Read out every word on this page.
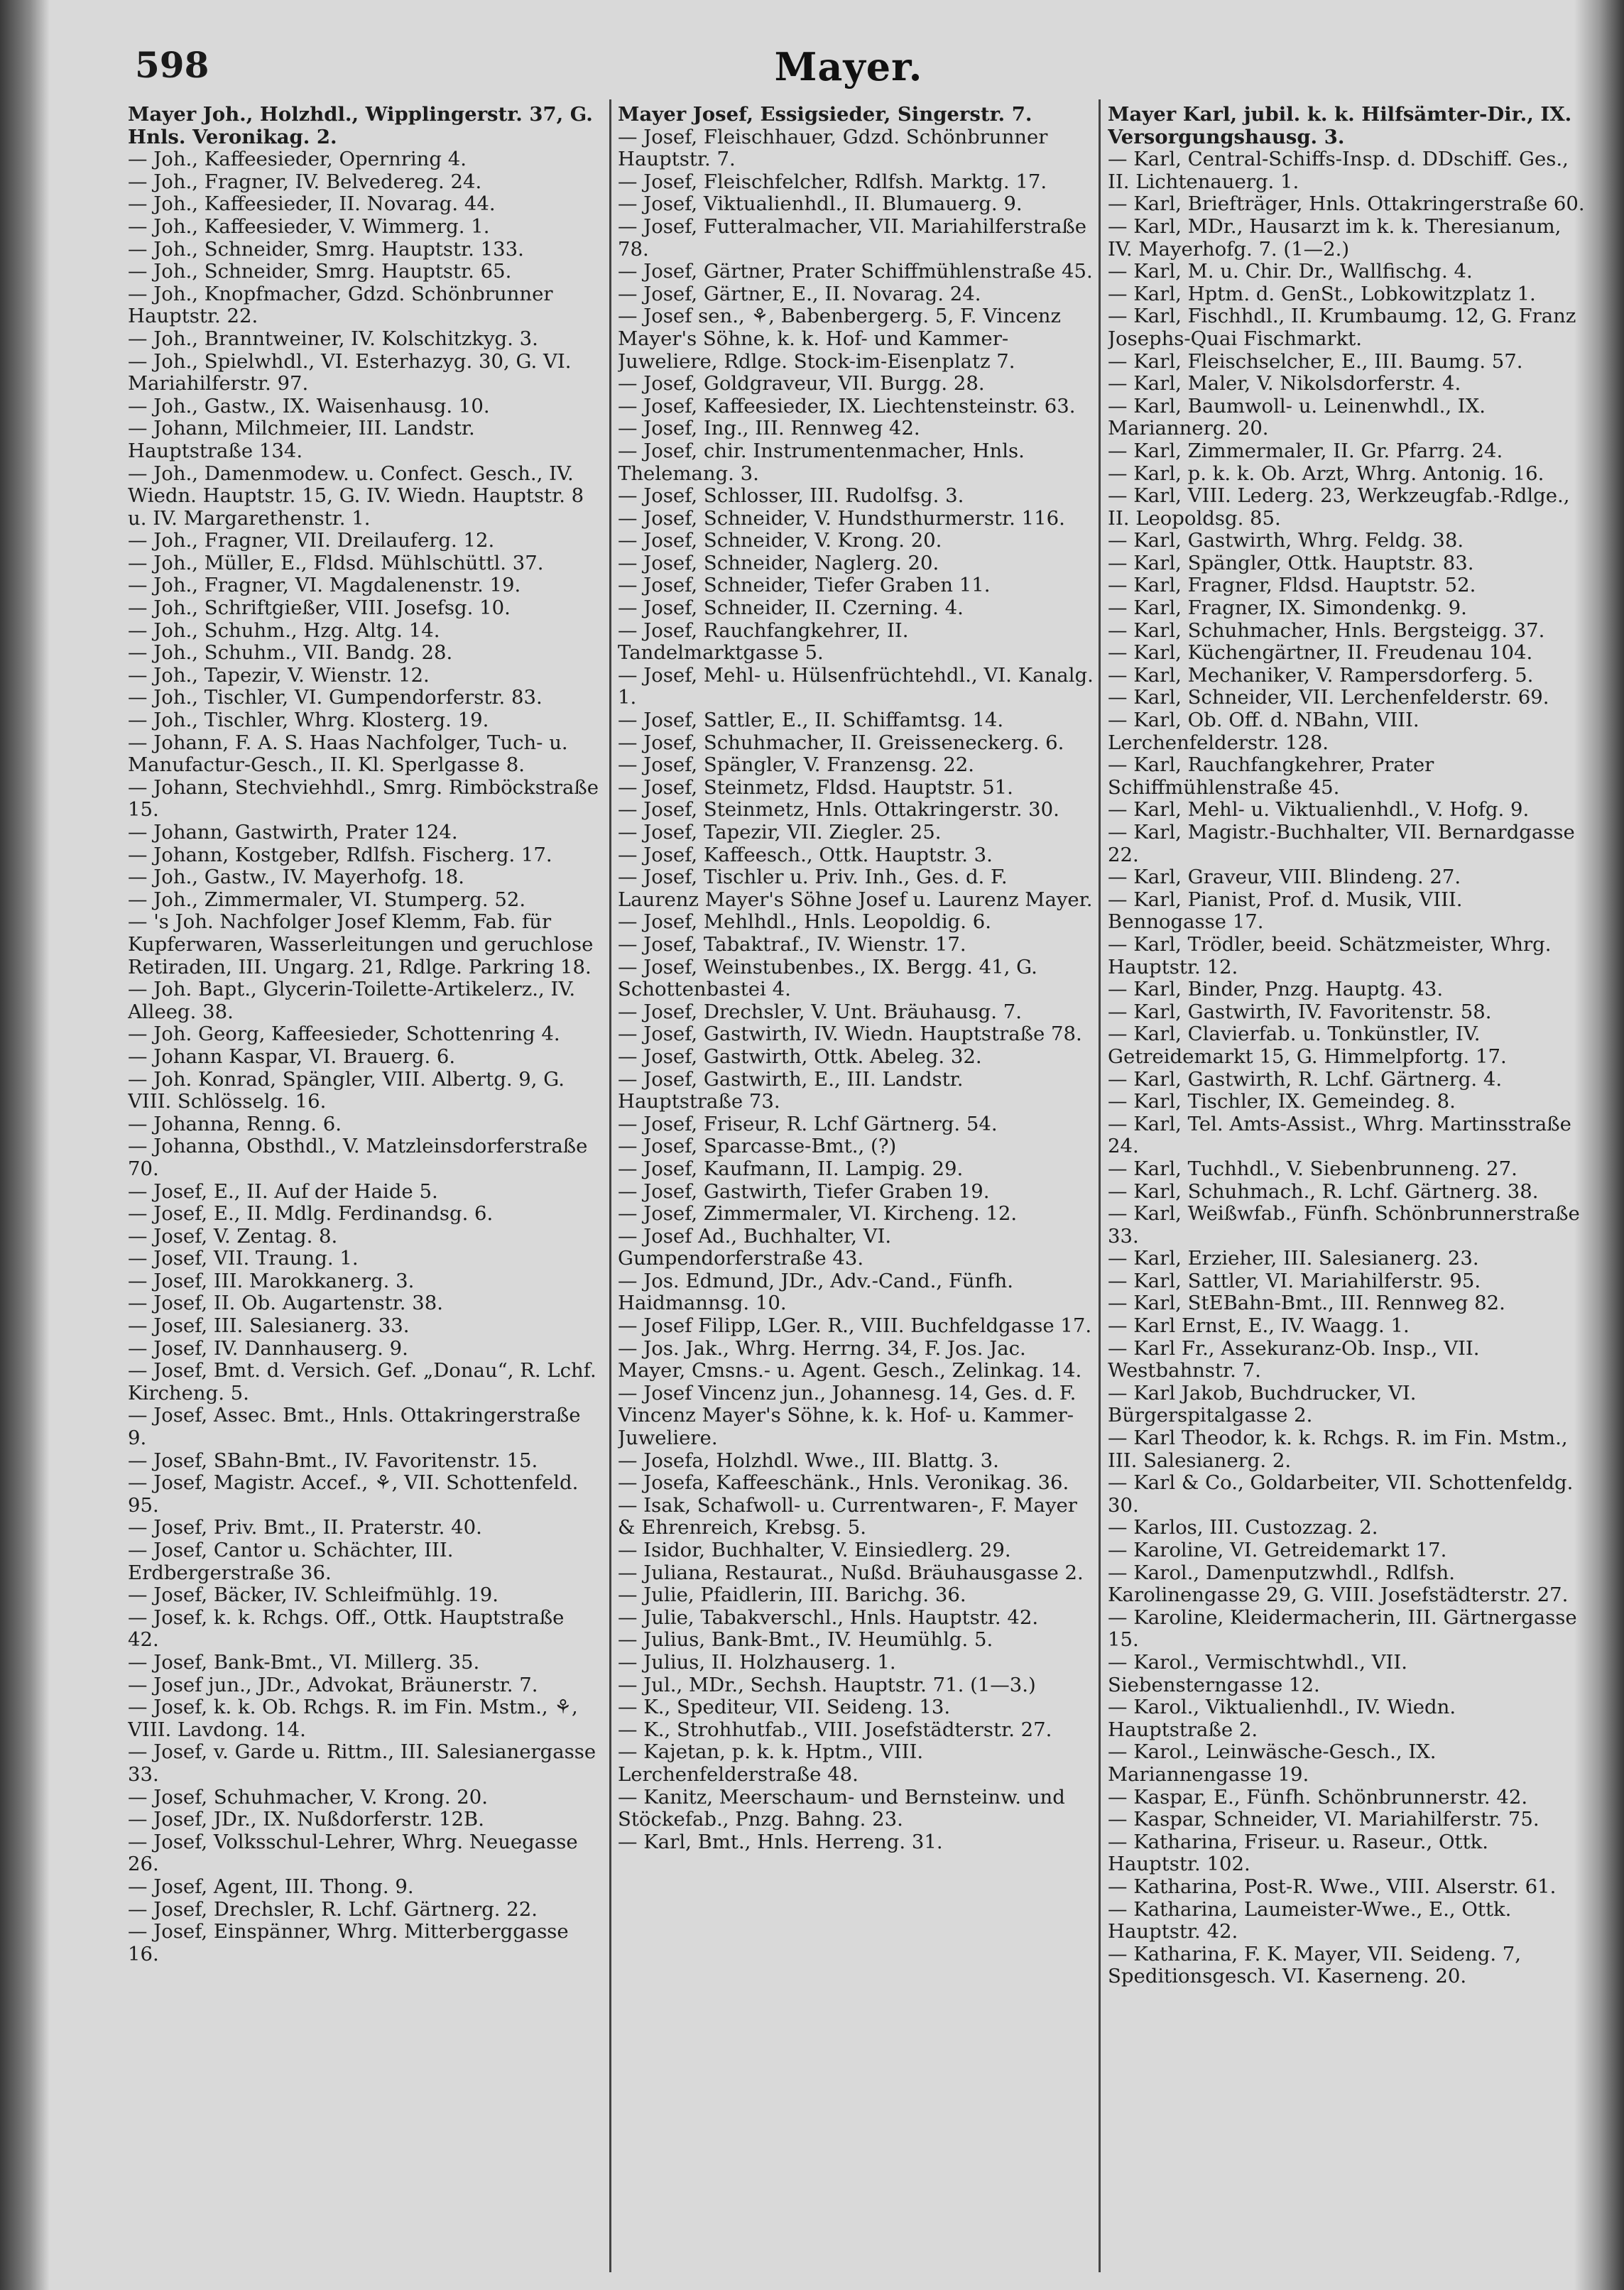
598	Mayer.

Mayer Joh., Holzhdl., Wipplingerstr. 37, G. Hnls. Veronikag. 2.

— Joh., Kaffeesieder, Opernring 4.

— Joh., Fragner, IV. Belvedereg. 24.

— Joh., Kaffeesieder, II. Novarag. 44.

— Joh., Kaffeesieder, V. Wimmerg. 1.

— Joh., Schneider, Smrg. Hauptstr. 133.

— Joh., Schneider, Smrg. Hauptstr. 65.

— Joh., Knopfmacher, Gdzd. Schönbrunner Hauptstr. 22.

— Joh., Branntweiner, IV. Kolschitzkyg. 3.

— Joh., Spielwhdl., VI. Esterhazyg. 30, G. VI. Mariahilferstr. 97.

— Joh., Gastw., IX. Waisenhausg. 10.

— Johann, Milchmeier, III. Landstr. Hauptstraße 134.

— Joh., Damenmodew. u. Confect. Gesch., IV. Wiedn. Hauptstr. 15, G. IV. Wiedn. Hauptstr. 8 u. IV. Margarethenstr. 1.

— Joh., Fragner, VII. Dreilauferg. 12.

— Joh., Müller, E., Fldsd. Mühlschüttl. 37.

— Joh., Fragner, VI. Magdalenenstr. 19.

— Joh., Schriftgießer, VIII. Josefsg. 10.

— Joh., Schuhm., Hzg. Altg. 14.

— Joh., Schuhm., VII. Bandg. 28.

— Joh., Tapezir, V. Wienstr. 12.

— Joh., Tischler, VI. Gumpendorferstr. 83.

— Joh., Tischler, Whrg. Klosterg. 19.

— Johann, F. A. S. Haas Nachfolger, Tuch- u. Manufactur-Gesch., II. Kl. Sperlgasse 8.

— Johann, Stechviehhdl., Smrg. Rimböckstraße 15.

— Johann, Gastwirth, Prater 124.

— Johann, Kostgeber, Rdlfsh. Fischerg. 17.

— Joh., Gastw., IV. Mayerhofg. 18.

— Joh., Zimmermaler, VI. Stumperg. 52.

— 's Joh. Nachfolger Josef Klemm, Fab. für Kupferwaren, Wasserleitungen und geruchlose Retiraden, III. Ungarg. 21, Rdlge. Parkring 18.

— Joh. Bapt., Glycerin-Toilette-Artikelerz., IV. Alleeg. 38.

— Joh. Georg, Kaffeesieder, Schottenring 4.

— Johann Kaspar, VI. Brauerg. 6.

— Joh. Konrad, Spängler, VIII. Albertg. 9, G. VIII. Schlösselg. 16.

— Johanna, Renng. 6.

— Johanna, Obsthdl., V. Matzleinsdorferstraße 70.

— Josef, E., II. Auf der Haide 5.

— Josef, E., II. Mdlg. Ferdinandsg. 6.

— Josef, V. Zentag. 8.

— Josef, VII. Traung. 1.

— Josef, III. Marokkanerg. 3.

— Josef, II. Ob. Augartenstr. 38.

— Josef, III. Salesianerg. 33.

— Josef, IV. Dannhauserg. 9.

— Josef, Bmt. d. Versich. Gef. „Donau“, R. Lchf. Kircheng. 5.

— Josef, Assec. Bmt., Hnls. Ottakringerstraße 9.

— Josef, SBahn-Bmt., IV. Favoritenstr. 15.

— Josef, Magistr. Accef., ⚘, VII. Schottenfeld. 95.

— Josef, Priv. Bmt., II. Praterstr. 40.

— Josef, Cantor u. Schächter, III. Erdbergerstraße 36.

— Josef, Bäcker, IV. Schleifmühlg. 19.

— Josef, k. k. Rchgs. Off., Ottk. Hauptstraße 42.

— Josef, Bank-Bmt., VI. Millerg. 35.

— Josef jun., JDr., Advokat, Bräunerstr. 7.

— Josef, k. k. Ob. Rchgs. R. im Fin. Mstm., ⚘, VIII. Lavdong. 14.

— Josef, v. Garde u. Rittm., III. Salesianergasse 33.

— Josef, Schuhmacher, V. Krong. 20.

— Josef, JDr., IX. Nußdorferstr. 12B.

— Josef, Volksschul-Lehrer, Whrg. Neuegasse 26.

— Josef, Agent, III. Thong. 9.

— Josef, Drechsler, R. Lchf. Gärtnerg. 22.

— Josef, Einspänner, Whrg. Mitterberggasse 16.

Mayer Josef, Essigsieder, Singerstr. 7.

— Josef, Fleischhauer, Gdzd. Schönbrunner Hauptstr. 7.

— Josef, Fleischfelcher, Rdlfsh. Marktg. 17.

— Josef, Viktualienhdl., II. Blumauerg. 9.

— Josef, Futteralmacher, VII. Mariahilferstraße 78.

— Josef, Gärtner, Prater Schiffmühlenstraße 45.

— Josef, Gärtner, E., II. Novarag. 24.

— Josef sen., ⚘, Babenbergerg. 5, F. Vincenz Mayer's Söhne, k. k. Hof- und Kammer-Juweliere, Rdlge. Stock-im-Eisenplatz 7.

— Josef, Goldgraveur, VII. Burgg. 28.

— Josef, Kaffeesieder, IX. Liechtensteinstr. 63.

— Josef, Ing., III. Rennweg 42.

— Josef, chir. Instrumentenmacher, Hnls. Thelemang. 3.

— Josef, Schlosser, III. Rudolfsg. 3.

— Josef, Schneider, V. Hundsthurmerstr. 116.

— Josef, Schneider, V. Krong. 20.

— Josef, Schneider, Naglerg. 20.

— Josef, Schneider, Tiefer Graben 11.

— Josef, Schneider, II. Czerning. 4.

— Josef, Rauchfangkehrer, II. Tandelmarktgasse 5.

— Josef, Mehl- u. Hülsenfrüchtehdl., VI. Kanalg. 1.

— Josef, Sattler, E., II. Schiffamtsg. 14.

— Josef, Schuhmacher, II. Greisseneckerg. 6.

— Josef, Spängler, V. Franzensg. 22.

— Josef, Steinmetz, Fldsd. Hauptstr. 51.

— Josef, Steinmetz, Hnls. Ottakringerstr. 30.

— Josef, Tapezir, VII. Ziegler. 25.

— Josef, Kaffeesch., Ottk. Hauptstr. 3.

— Josef, Tischler u. Priv. Inh., Ges. d. F. Laurenz Mayer's Söhne Josef u. Laurenz Mayer.

— Josef, Mehlhdl., Hnls. Leopoldig. 6.

— Josef, Tabaktraf., IV. Wienstr. 17.

— Josef, Weinstubenbes., IX. Bergg. 41, G. Schottenbastei 4.

— Josef, Drechsler, V. Unt. Bräuhausg. 7.

— Josef, Gastwirth, IV. Wiedn. Hauptstraße 78.

— Josef, Gastwirth, Ottk. Abeleg. 32.

— Josef, Gastwirth, E., III. Landstr. Hauptstraße 73.

— Josef, Friseur, R. Lchf Gärtnerg. 54.

— Josef, Sparcasse-Bmt., (?)

— Josef, Kaufmann, II. Lampig. 29.

— Josef, Gastwirth, Tiefer Graben 19.

— Josef, Zimmermaler, VI. Kircheng. 12.

— Josef Ad., Buchhalter, VI. Gumpendorferstraße 43.

— Jos. Edmund, JDr., Adv.-Cand., Fünfh. Haidmannsg. 10.

— Josef Filipp, LGer. R., VIII. Buchfeldgasse 17.

— Jos. Jak., Whrg. Herrng. 34, F. Jos. Jac. Mayer, Cmsns.- u. Agent. Gesch., Zelinkag. 14.

— Josef Vincenz jun., Johannesg. 14, Ges. d. F. Vincenz Mayer's Söhne, k. k. Hof- u. Kammer-Juweliere.

— Josefa, Holzhdl. Wwe., III. Blattg. 3.

— Josefa, Kaffeeschänk., Hnls. Veronikag. 36.

— Isak, Schafwoll- u. Currentwaren-, F. Mayer & Ehrenreich, Krebsg. 5.

— Isidor, Buchhalter, V. Einsiedlerg. 29.

— Juliana, Restaurat., Nußd. Bräuhausgasse 2.

— Julie, Pfaidlerin, III. Barichg. 36.

— Julie, Tabakverschl., Hnls. Hauptstr. 42.

— Julius, Bank-Bmt., IV. Heumühlg. 5.

— Julius, II. Holzhauserg. 1.

— Jul., MDr., Sechsh. Hauptstr. 71. (1—3.)

— K., Spediteur, VII. Seideng. 13.

— K., Strohhutfab., VIII. Josefstädterstr. 27.

— Kajetan, p. k. k. Hptm., VIII. Lerchenfelderstraße 48.

— Kanitz, Meerschaum- und Bernsteinw. und Stöckefab., Pnzg. Bahng. 23.

— Karl, Bmt., Hnls. Herreng. 31.

Mayer Karl, jubil. k. k. Hilfsämter-Dir., IX. Versorgungshausg. 3.

— Karl, Central-Schiffs-Insp. d. DDschiff. Ges., II. Lichtenauerg. 1.

— Karl, Briefträger, Hnls. Ottakringerstraße 60.

— Karl, MDr., Hausarzt im k. k. Theresianum, IV. Mayerhofg. 7. (1—2.)

— Karl, M. u. Chir. Dr., Wallfischg. 4.

— Karl, Hptm. d. GenSt., Lobkowitzplatz 1.

— Karl, Fischhdl., II. Krumbaumg. 12, G. Franz Josephs-Quai Fischmarkt.

— Karl, Fleischselcher, E., III. Baumg. 57.

— Karl, Maler, V. Nikolsdorferstr. 4.

— Karl, Baumwoll- u. Leinenwhdl., IX. Mariannerg. 20.

— Karl, Zimmermaler, II. Gr. Pfarrg. 24.

— Karl, p. k. k. Ob. Arzt, Whrg. Antonig. 16.

— Karl, VIII. Lederg. 23, Werkzeugfab.-Rdlge., II. Leopoldsg. 85.

— Karl, Gastwirth, Whrg. Feldg. 38.

— Karl, Spängler, Ottk. Hauptstr. 83.

— Karl, Fragner, Fldsd. Hauptstr. 52.

— Karl, Fragner, IX. Simondenkg. 9.

— Karl, Schuhmacher, Hnls. Bergsteigg. 37.

— Karl, Küchengärtner, II. Freudenau 104.

— Karl, Mechaniker, V. Rampersdorferg. 5.

— Karl, Schneider, VII. Lerchenfelderstr. 69.

— Karl, Ob. Off. d. NBahn, VIII. Lerchenfelderstr. 128.

— Karl, Rauchfangkehrer, Prater Schiffmühlenstraße 45.

— Karl, Mehl- u. Viktualienhdl., V. Hofg. 9.

— Karl, Magistr.-Buchhalter, VII. Bernardgasse 22.

— Karl, Graveur, VIII. Blindeng. 27.

— Karl, Pianist, Prof. d. Musik, VIII. Bennogasse 17.

— Karl, Trödler, beeid. Schätzmeister, Whrg. Hauptstr. 12.

— Karl, Binder, Pnzg. Hauptg. 43.

— Karl, Gastwirth, IV. Favoritenstr. 58.

— Karl, Clavierfab. u. Tonkünstler, IV. Getreidemarkt 15, G. Himmelpfortg. 17.

— Karl, Gastwirth, R. Lchf. Gärtnerg. 4.

— Karl, Tischler, IX. Gemeindeg. 8.

— Karl, Tel. Amts-Assist., Whrg. Martinsstraße 24.

— Karl, Tuchhdl., V. Siebenbrunneng. 27.

— Karl, Schuhmach., R. Lchf. Gärtnerg. 38.

— Karl, Weißwfab., Fünfh. Schönbrunnerstraße 33.

— Karl, Erzieher, III. Salesianerg. 23.

— Karl, Sattler, VI. Mariahilferstr. 95.

— Karl, StEBahn-Bmt., III. Rennweg 82.

— Karl Ernst, E., IV. Waagg. 1.

— Karl Fr., Assekuranz-Ob. Insp., VII. Westbahnstr. 7.

— Karl Jakob, Buchdrucker, VI. Bürgerspitalgasse 2.

— Karl Theodor, k. k. Rchgs. R. im Fin. Mstm., III. Salesianerg. 2.

— Karl & Co., Goldarbeiter, VII. Schottenfeldg. 30.

— Karlos, III. Custozzag. 2.

— Karoline, VI. Getreidemarkt 17.

— Karol., Damenputzwhdl., Rdlfsh. Karolinengasse 29, G. VIII. Josefstädterstr. 27.

— Karoline, Kleidermacherin, III. Gärtnergasse 15.

— Karol., Vermischtwhdl., VII. Siebensterngasse 12.

— Karol., Viktualienhdl., IV. Wiedn. Hauptstraße 2.

— Karol., Leinwäsche-Gesch., IX. Mariannengasse 19.

— Kaspar, E., Fünfh. Schönbrunnerstr. 42.

— Kaspar, Schneider, VI. Mariahilferstr. 75.

— Katharina, Friseur. u. Raseur., Ottk. Hauptstr. 102.

— Katharina, Post-R. Wwe., VIII. Alserstr. 61.

— Katharina, Laumeister-Wwe., E., Ottk. Hauptstr. 42.

— Katharina, F. K. Mayer, VII. Seideng. 7, Speditionsgesch. VI. Kaserneng. 20.
